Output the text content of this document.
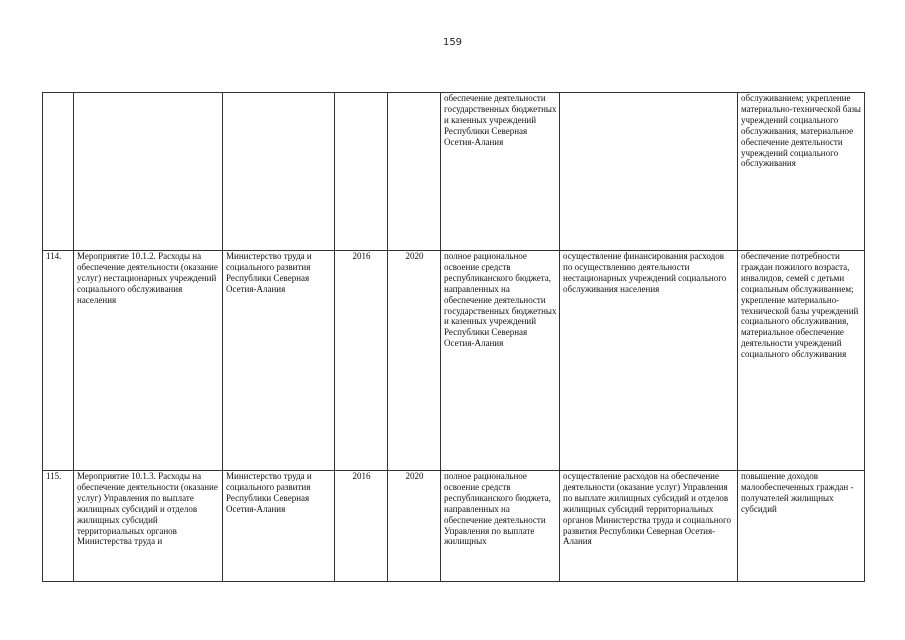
159

					обеспечение деятельности государственных бюджетных и казенных учреждений Республики Северная Осетия-Алания		обслуживанием; укрепление материально-технической базы учреждений социального обслуживания, материальное обеспечение деятельности учреждений социального обслуживания

114.	Мероприятие 10.1.2. Расходы на обеспечение деятельности (оказание услуг) нестационарных учреждений социального обслуживания населения	Министерство труда и социального развития Республики Северная Осетия-Алания	2016	2020	полное рациональное освоение средств республиканского бюджета, направленных на обеспечение деятельности государственных бюджетных и казенных учреждений Республики Северная Осетия-Алания	осуществление финансирования расходов по осуществлению деятельности нестационарных учреждений социального обслуживания населения	обеспечение потребности граждан пожилого возраста, инвалидов, семей с детьми социальным обслуживанием; укрепление материально-технической базы учреждений социального обслуживания, материальное обеспечение деятельности учреждений социального обслуживания

115.	Мероприятие 10.1.3. Расходы на обеспечение деятельности (оказание услуг) Управления по выплате жилищных субсидий и отделов жилищных субсидий территориальных органов Министерства труда и	Министерство труда и социального развития Республики Северная Осетия-Алания	2016	2020	полное рациональное освоение средств республиканского бюджета, направленных на обеспечение деятельности Управления по выплате жилищных	осуществление расходов на обеспечение деятельности (оказание услуг) Управления по выплате жилищных субсидий и отделов жилищных субсидий территориальных органов Министерства труда и социального развития Республики Северная Осетия-Алания	повышение доходов малообеспеченных граждан - получателей жилищных субсидий
